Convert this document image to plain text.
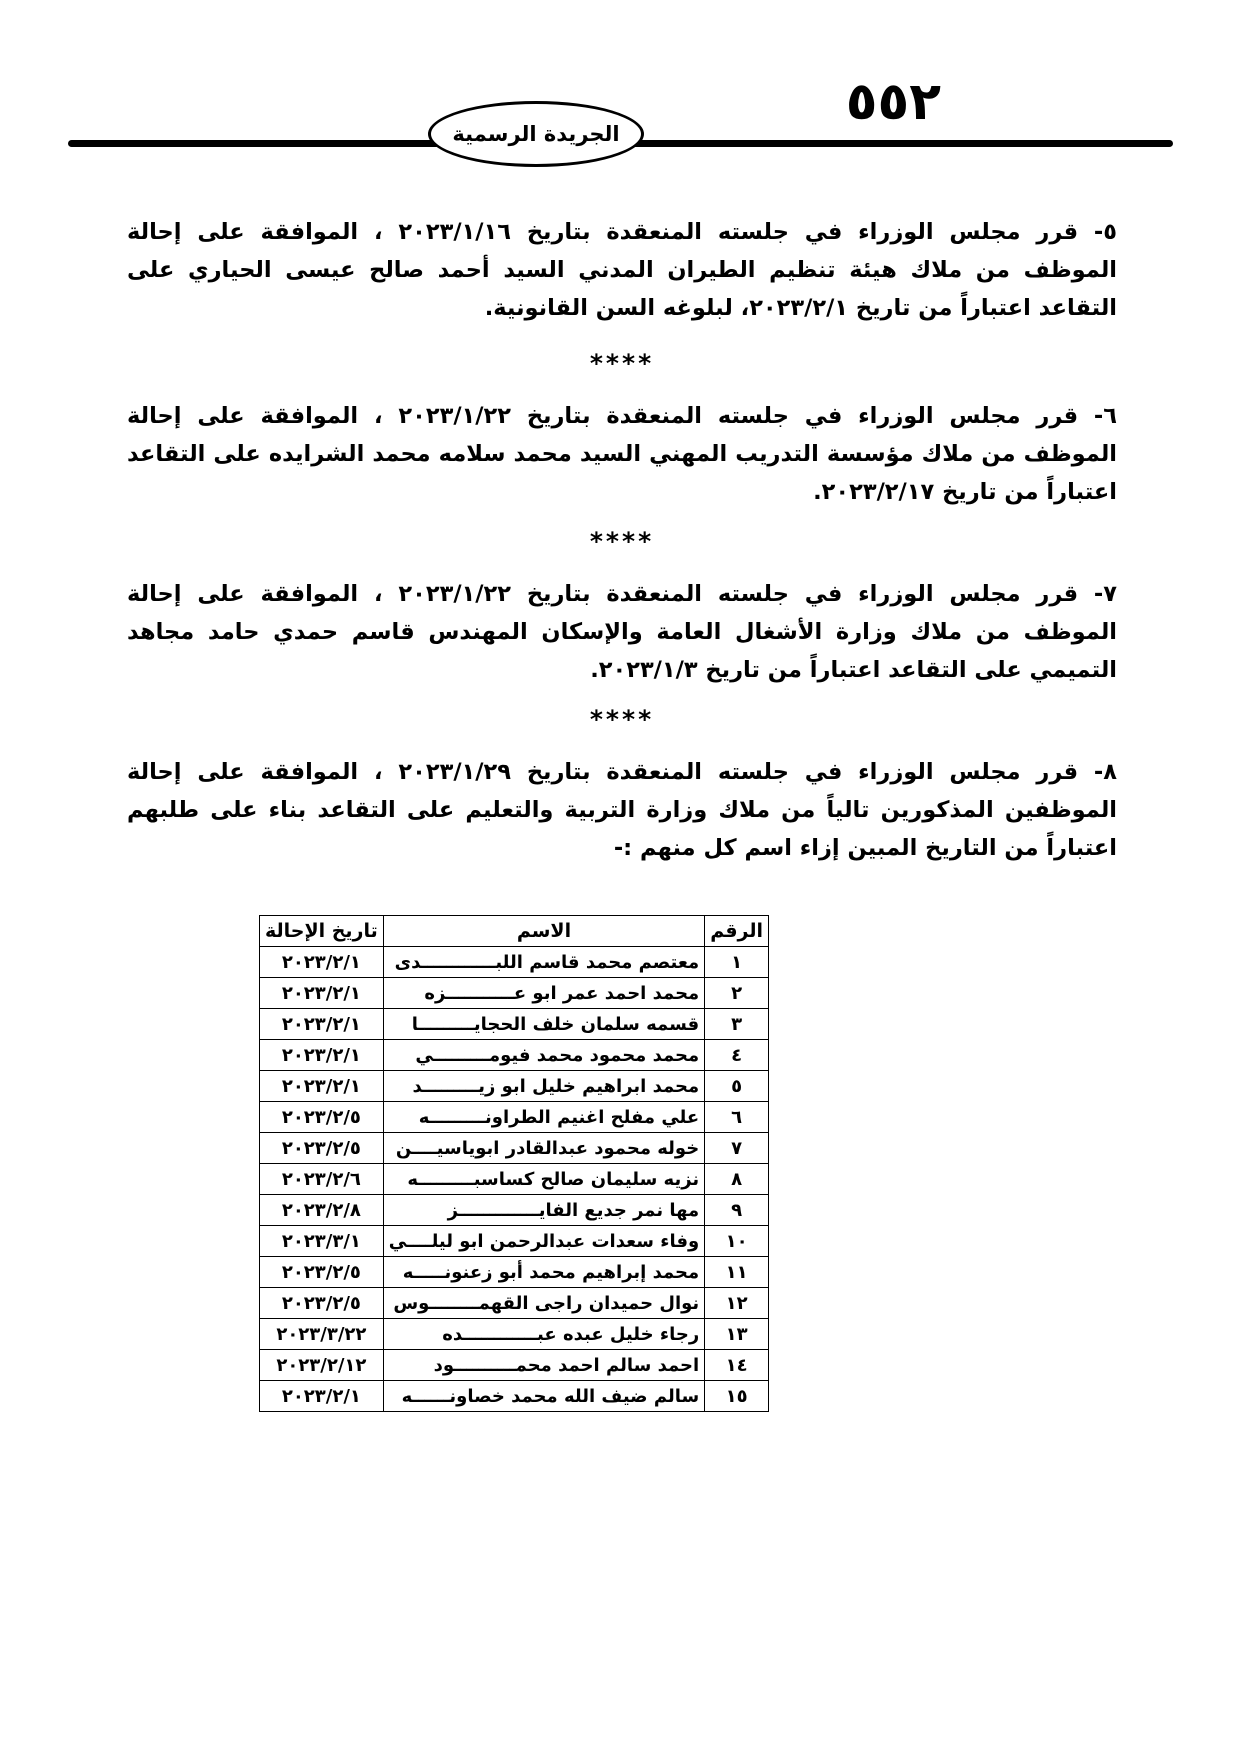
٥٥٢
الجريدة الرسمية

٥- قرر مجلس الوزراء في جلسته المنعقدة بتاريخ ٢٠٢٣/١/١٦ ، الموافقة على إحالة الموظف من ملاك هيئة تنظيم الطيران المدني السيد أحمد صالح عيسى الحياري على التقاعد اعتباراً من تاريخ ٢٠٢٣/٢/١، لبلوغه السن القانونية.

****

٦- قرر مجلس الوزراء في جلسته المنعقدة بتاريخ ٢٠٢٣/١/٢٢ ، الموافقة على إحالة الموظف من ملاك مؤسسة التدريب المهني السيد محمد سلامه محمد الشرايده على التقاعد اعتباراً من تاريخ ٢٠٢٣/٢/١٧.

****

٧- قرر مجلس الوزراء في جلسته المنعقدة بتاريخ ٢٠٢٣/١/٢٢ ، الموافقة على إحالة الموظف من ملاك وزارة الأشغال العامة والإسكان المهندس قاسم حمدي حامد مجاهد التميمي على التقاعد اعتباراً من تاريخ ٢٠٢٣/١/٣.

****

٨- قرر مجلس الوزراء في جلسته المنعقدة بتاريخ ٢٠٢٣/١/٢٩ ، الموافقة على إحالة الموظفين المذكورين تالياً من ملاك وزارة التربية والتعليم على التقاعد بناء على طلبهم اعتباراً من التاريخ المبين إزاء اسم كل منهم :-

الرقم	الاسم	تاريخ الإحالة
١	معتصم محمد قاسم اللبــــــــــــدى	٢٠٢٣/٢/١
٢	محمد احمد عمر ابو عـــــــــــزه	٢٠٢٣/٢/١
٣	قسمه سلمان خلف الحجايـــــــــا	٢٠٢٣/٢/١
٤	محمد محمود محمد فيومـــــــــي	٢٠٢٣/٢/١
٥	محمد ابراهيم خليل ابو زيـــــــــد	٢٠٢٣/٢/١
٦	علي مفلح اغنيم الطراونـــــــــه	٢٠٢٣/٢/٥
٧	خوله محمود عبدالقادر ابوياسيــــن	٢٠٢٣/٢/٥
٨	نزيه سليمان صالح كساسبـــــــــه	٢٠٢٣/٢/٦
٩	مها نمر جديع الفايـــــــــــــز	٢٠٢٣/٢/٨
١٠	وفاء سعدات عبدالرحمن ابو ليلــــي	٢٠٢٣/٣/١
١١	محمد إبراهيم محمد أبو زعنونـــــه	٢٠٢٣/٢/٥
١٢	نوال حميدان راجى القهمــــــــوس	٢٠٢٣/٢/٥
١٣	رجاء خليل عبده عبــــــــــــده	٢٠٢٣/٣/٢٢
١٤	احمد سالم احمد محمــــــــــود	٢٠٢٣/٢/١٢
١٥	سالم ضيف الله محمد خصاونــــــه	٢٠٢٣/٢/١
